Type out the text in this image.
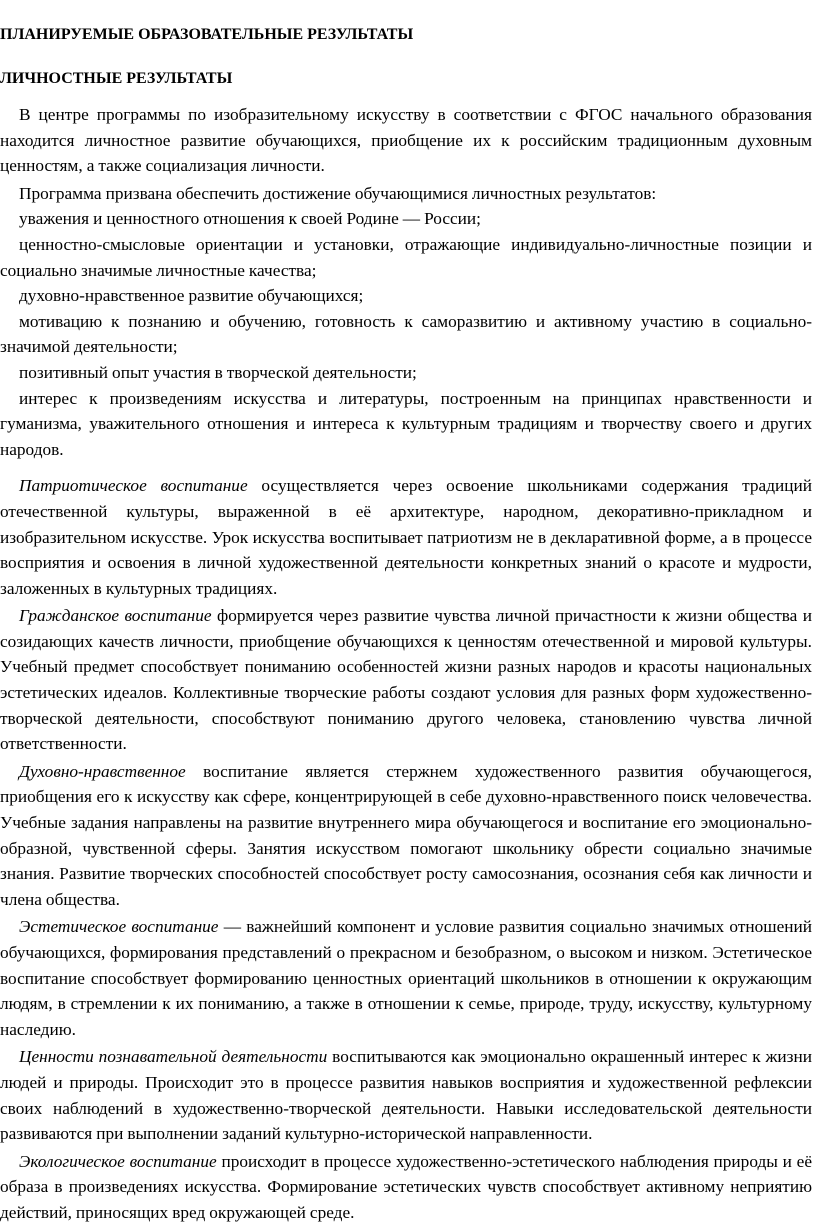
ПЛАНИРУЕМЫЕ ОБРАЗОВАТЕЛЬНЫЕ РЕЗУЛЬТАТЫ
ЛИЧНОСТНЫЕ РЕЗУЛЬТАТЫ

В центре программы по изобразительному искусству в соответствии с ФГОС начального образования находится личностное развитие обучающихся, приобщение их к российским традиционным духовным ценностям, а также социализация личности.

Программа призвана обеспечить достижение обучающимися личностных результатов:

уважения и ценностного отношения к своей Родине — России;

ценностно-смысловые ориентации и установки, отражающие индивидуально-личностные позиции и социально значимые личностные качества;

духовно-нравственное развитие обучающихся;

мотивацию к познанию и обучению, готовность к саморазвитию и активному участию в социально-значимой деятельности;

позитивный опыт участия в творческой деятельности;

интерес к произведениям искусства и литературы, построенным на принципах нравственности и гуманизма, уважительного отношения и интереса к культурным традициям и творчеству своего и других народов.

Патриотическое воспитание осуществляется через освоение школьниками содержания традиций отечественной культуры, выраженной в её архитектуре, народном, декоративно-прикладном и изобразительном искусстве. Урок искусства воспитывает патриотизм не в декларативной форме, а в процессе восприятия и освоения в личной художественной деятельности конкретных знаний о красоте и мудрости, заложенных в культурных традициях.

Гражданское воспитание формируется через развитие чувства личной причастности к жизни общества и созидающих качеств личности, приобщение обучающихся к ценностям отечественной и мировой культуры. Учебный предмет способствует пониманию особенностей жизни разных народов и красоты национальных эстетических идеалов. Коллективные творческие работы создают условия для разных форм художественно-творческой деятельности, способствуют пониманию другого человека, становлению чувства личной ответственности.

Духовно-нравственное воспитание является стержнем художественного развития обучающегося, приобщения его к искусству как сфере, концентрирующей в себе духовно-нравственного поиск человечества. Учебные задания направлены на развитие внутреннего мира обучающегося и воспитание его эмоционально-образной, чувственной сферы. Занятия искусством помогают школьнику обрести социально значимые знания. Развитие творческих способностей способствует росту самосознания, осознания себя как личности и члена общества.

Эстетическое воспитание — важнейший компонент и условие развития социально значимых отношений обучающихся, формирования представлений о прекрасном и безобразном, о высоком и низком. Эстетическое воспитание способствует формированию ценностных ориентаций школьников в отношении к окружающим людям, в стремлении к их пониманию, а также в отношении к семье, природе, труду, искусству, культурному наследию.

Ценности познавательной деятельности воспитываются как эмоционально окрашенный интерес к жизни людей и природы. Происходит это в процессе развития навыков восприятия и художественной рефлексии своих наблюдений в художественно-творческой деятельности. Навыки исследовательской деятельности развиваются при выполнении заданий культурно-исторической направленности.

Экологическое воспитание происходит в процессе художественно-эстетического наблюдения природы и её образа в произведениях искусства. Формирование эстетических чувств способствует активному неприятию действий, приносящих вред окружающей среде.
